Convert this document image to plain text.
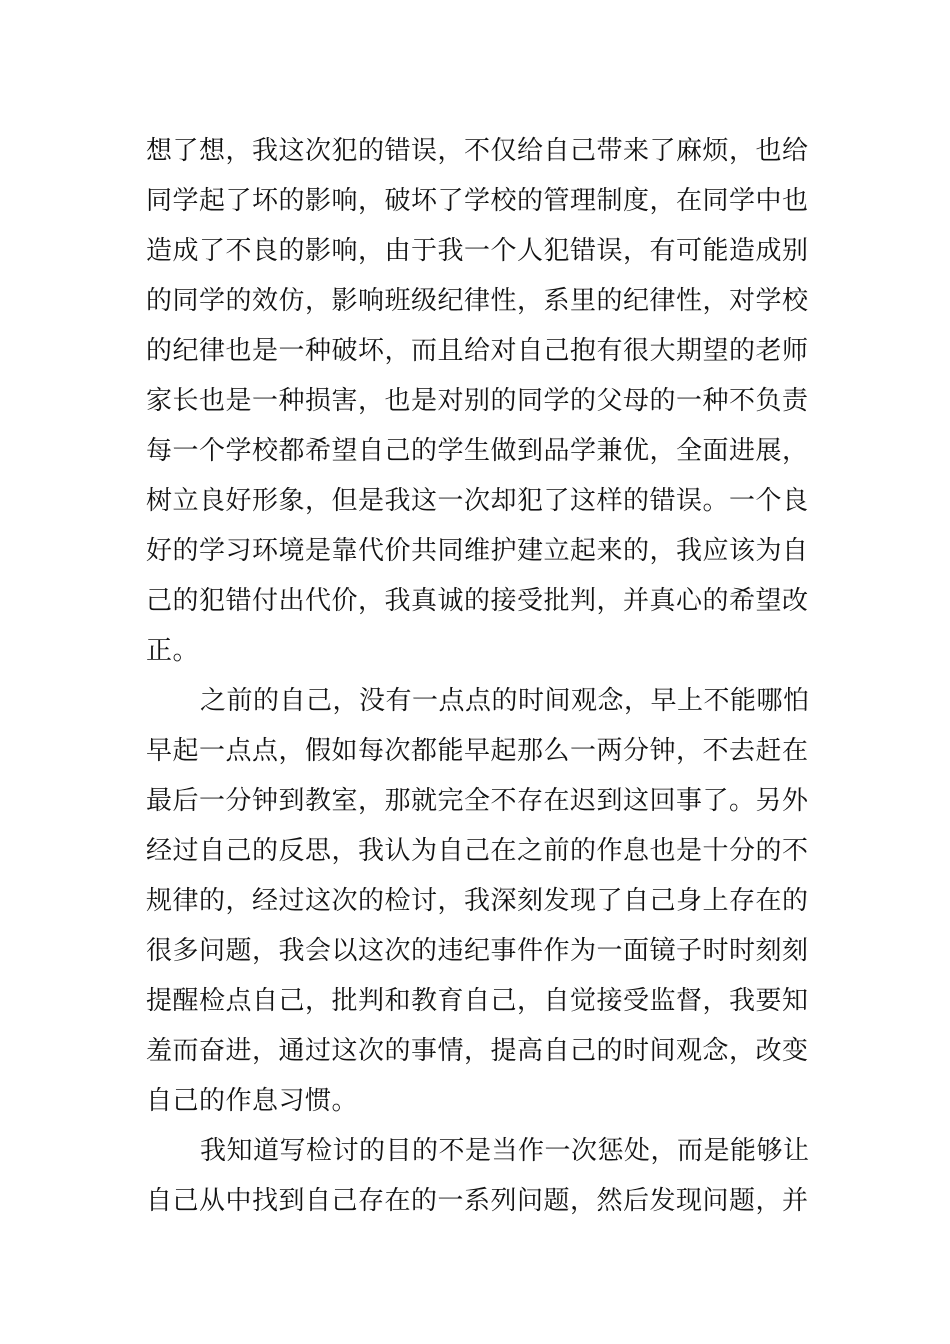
想了想，我这次犯的错误，不仅给自己带来了麻烦，也给
同学起了坏的影响，破坏了学校的管理制度，在同学中也
造成了不良的影响，由于我一个人犯错误，有可能造成别
的同学的效仿，影响班级纪律性，系里的纪律性，对学校
的纪律也是一种破坏，而且给对自己抱有很大期望的老师
家长也是一种损害，也是对别的同学的父母的一种不负责
每一个学校都希望自己的学生做到品学兼优，全面进展，
树立良好形象，但是我这一次却犯了这样的错误。一个良
好的学习环境是靠代价共同维护建立起来的，我应该为自
己的犯错付出代价，我真诚的接受批判，并真心的希望改
正。
之前的自己，没有一点点的时间观念，早上不能哪怕
早起一点点，假如每次都能早起那么一两分钟，不去赶在
最后一分钟到教室，那就完全不存在迟到这回事了。另外
经过自己的反思，我认为自己在之前的作息也是十分的不
规律的，经过这次的检讨，我深刻发现了自己身上存在的
很多问题，我会以这次的违纪事件作为一面镜子时时刻刻
提醒检点自己，批判和教育自己，自觉接受监督，我要知
羞而奋进，通过这次的事情，提高自己的时间观念，改变
自己的作息习惯。
我知道写检讨的目的不是当作一次惩处，而是能够让
自己从中找到自己存在的一系列问题，然后发现问题，并
